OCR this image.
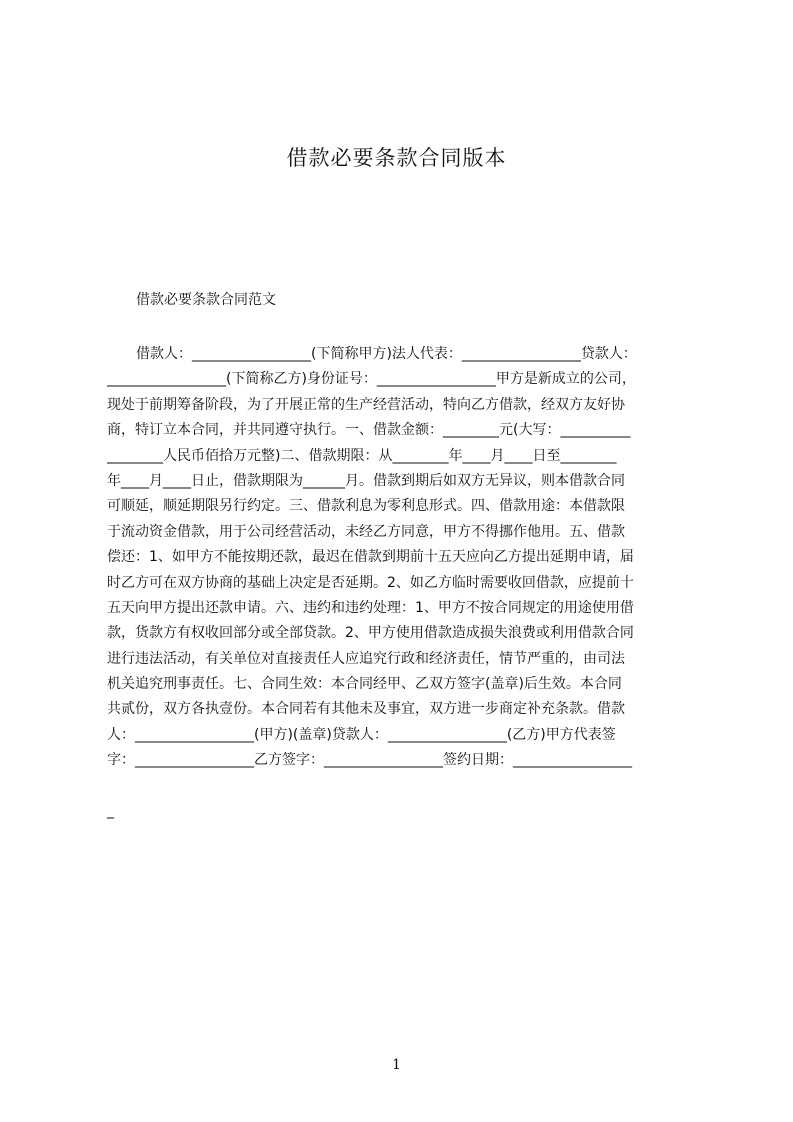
借款必要条款合同版本
借款必要条款合同范文
借款人：_________________(下简称甲方)法人代表：_________________贷款人：
_________________(下简称乙方)身份证号：_________________甲方是新成立的公司，
现处于前期筹备阶段，为了开展正常的生产经营活动，特向乙方借款，经双方友好协
商，特订立本合同，并共同遵守执行。一、借款金额：________元(大写：__________
________人民币佰拾万元整)二、借款期限：从________年____月____日至________
年____月____日止，借款期限为______月。借款到期后如双方无异议，则本借款合同
可顺延，顺延期限另行约定。三、借款利息为零利息形式。四、借款用途：本借款限
于流动资金借款，用于公司经营活动，未经乙方同意，甲方不得挪作他用。五、借款
偿还：1、如甲方不能按期还款，最迟在借款到期前十五天应向乙方提出延期申请，届
时乙方可在双方协商的基础上决定是否延期。2、如乙方临时需要收回借款，应提前十
五天向甲方提出还款申请。六、违约和违约处理：1、甲方不按合同规定的用途使用借
款，货款方有权收回部分或全部贷款。2、甲方使用借款造成损失浪费或利用借款合同
进行违法活动，有关单位对直接责任人应追究行政和经济责任，情节严重的，由司法
机关追究刑事责任。七、合同生效：本合同经甲、乙双方签字(盖章)后生效。本合同
共贰份，双方各执壹份。本合同若有其他未及事宜，双方进一步商定补充条款。借款
人：_________________(甲方)(盖章)贷款人：_________________(乙方)甲方代表签
字：_________________乙方签字：_________________签约日期：_________________
_
1
